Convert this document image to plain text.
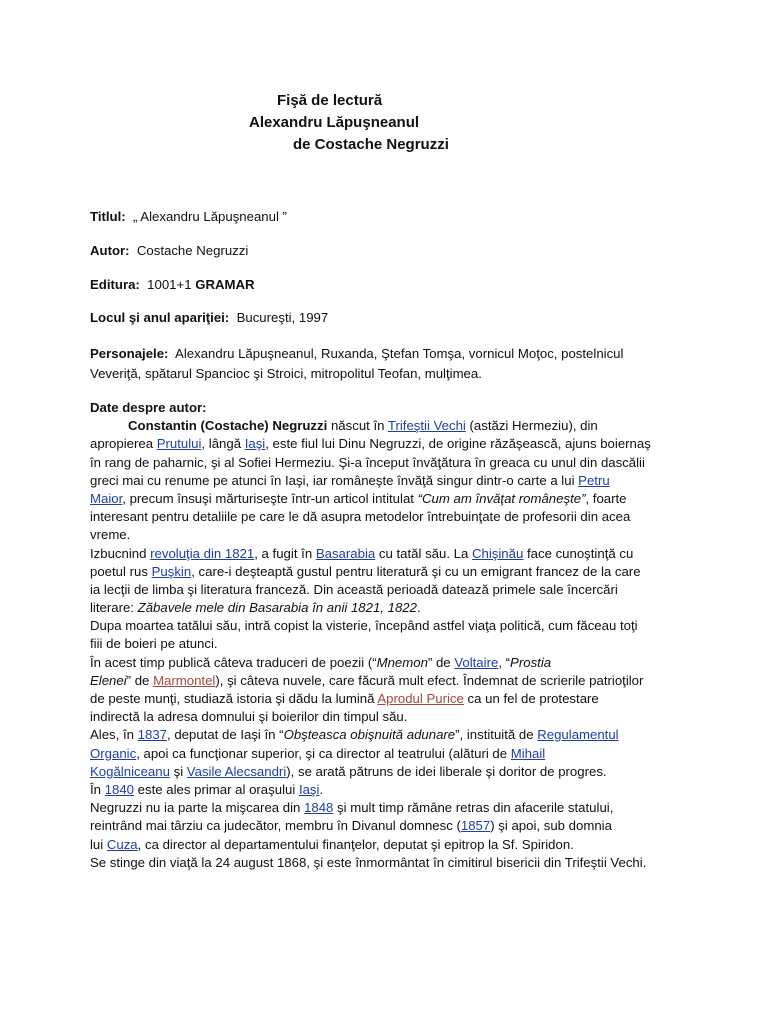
Fişă de lectură
Alexandru Lăpuşneanul
de Costache Negruzzi
Titlul: „ Alexandru Lăpuşneanul ”
Autor: Costache Negruzzi
Editura: 1001+1 GRAMAR
Locul şi anul apariţiei: Bucureşti, 1997
Personajele: Alexandru Lăpuşneanul, Ruxanda, Ştefan Tomşa, vornicul Moţoc, postelnicul
Veveriţă, spătarul Spancioc şi Stroici, mitropolitul Teofan, mulţimea.
Date despre autor:
Constantin (Costache) Negruzzi născut în Trifeştii Vechi (astăzi Hermeziu), din
apropierea Prutului, lângă Iaşi, este fiul lui Dinu Negruzzi, de origine răzăşească, ajuns boiernaş
în rang de paharnic, şi al Sofiei Hermeziu. Şi-a început învăţătura în greaca cu unul din dascălii
greci mai cu renume pe atunci în Iaşi, iar româneşte învăţă singur dintr-o carte a lui Petru
Maior, precum însuşi mărturiseşte într-un articol intitulat “Cum am învăţat româneşte”, foarte
interesant pentru detaliile pe care le dă asupra metodelor întrebuinţate de profesorii din acea
vreme.
Izbucnind revoluţia din 1821, a fugit în Basarabia cu tatăl său. La Chişinău face cunoştinţă cu
poetul rus Puşkin, care-i deşteaptă gustul pentru literatură şi cu un emigrant francez de la care
ia lecţii de limba şi literatura franceză. Din această perioadă datează primele sale încercări
literare: Zăbavele mele din Basarabia în anii 1821, 1822.
Dupa moartea tatălui său, intră copist la visterie, începând astfel viaţa politică, cum făceau toţi
fiii de boieri pe atunci.
În acest timp publică câteva traduceri de poezii (“Mnemon” de Voltaire, “Prostia
Elenei” de Marmontel), şi câteva nuvele, care făcură mult efect. Îndemnat de scrierile patrioţilor
de peste munţi, studiază istoria şi dădu la lumină Aprodul Purice ca un fel de protestare
indirectă la adresa domnului şi boierilor din timpul său.
Ales, în 1837, deputat de Iaşi în “Obşteasca obişnuită adunare”, instituită de Regulamentul
Organic, apoi ca funcţionar superior, şi ca director al teatrului (alături de Mihail
Kogălniceanu şi Vasile Alecsandri), se arată pătruns de idei liberale şi doritor de progres.
În 1840 este ales primar al oraşului Iaşi.
Negruzzi nu ia parte la mişcarea din 1848 şi mult timp rămâne retras din afacerile statului,
reintrând mai târziu ca judecător, membru în Divanul domnesc (1857) şi apoi, sub domnia
lui Cuza, ca director al departamentului finanţelor, deputat şi epitrop la Sf. Spiridon.
Se stinge din viaţă la 24 august 1868, şi este înmormântat în cimitirul bisericii din Trifeştii Vechi.
